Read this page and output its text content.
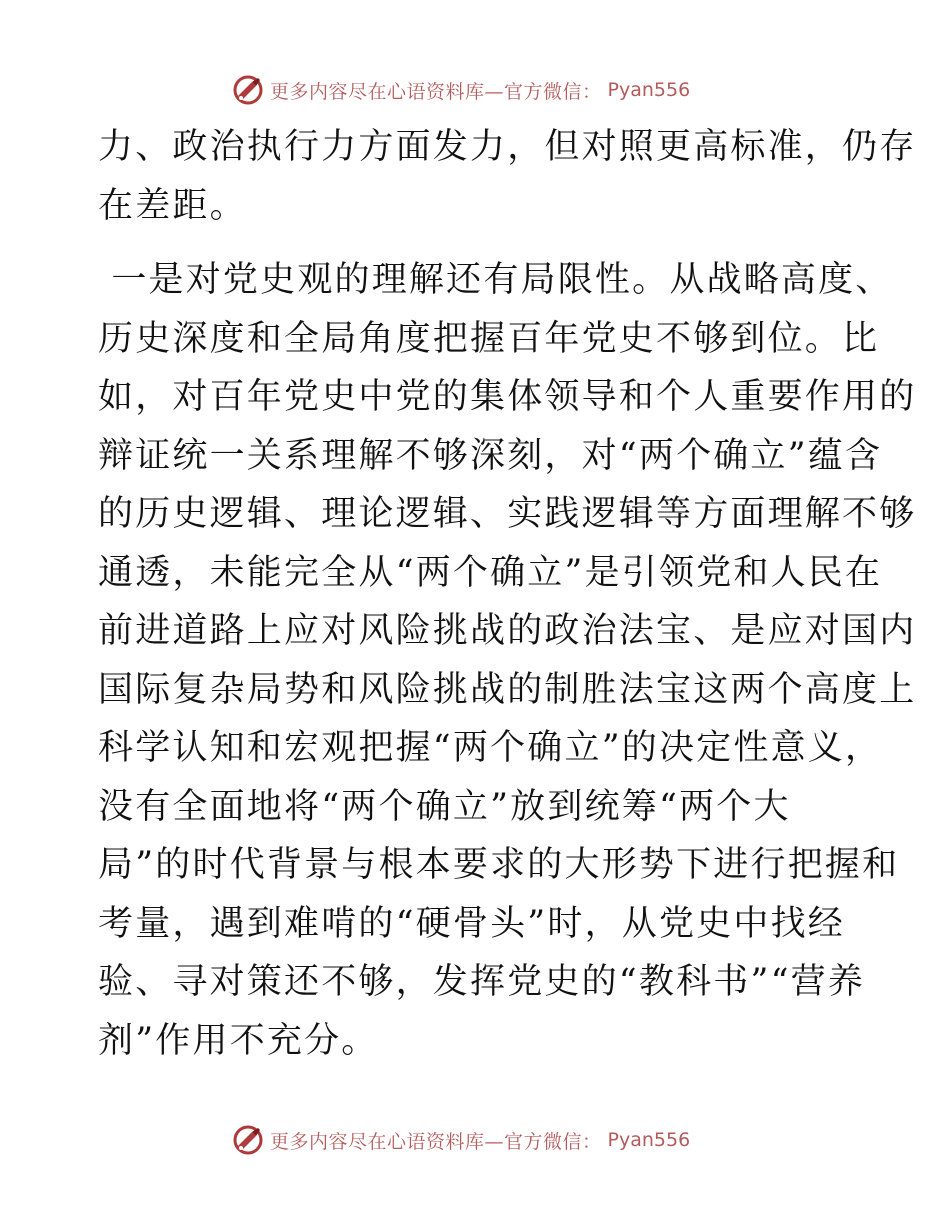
更多内容尽在心语资料库—官方微信： Pyan556

力、政治执行力方面发力，但对照更高标准，仍存
在差距。

一是对党史观的理解还有局限性。从战略高度、
历史深度和全局角度把握百年党史不够到位。比
如，对百年党史中党的集体领导和个人重要作用的
辩证统一关系理解不够深刻，对“两个确立”蕴含
的历史逻辑、理论逻辑、实践逻辑等方面理解不够
通透，未能完全从“两个确立”是引领党和人民在
前进道路上应对风险挑战的政治法宝、是应对国内
国际复杂局势和风险挑战的制胜法宝这两个高度上
科学认知和宏观把握“两个确立”的决定性意义，
没有全面地将“两个确立”放到统筹“两个大
局”的时代背景与根本要求的大形势下进行把握和
考量，遇到难啃的“硬骨头”时，从党史中找经
验、寻对策还不够，发挥党史的“教科书”“营养
剂”作用不充分。

更多内容尽在心语资料库—官方微信： Pyan556
